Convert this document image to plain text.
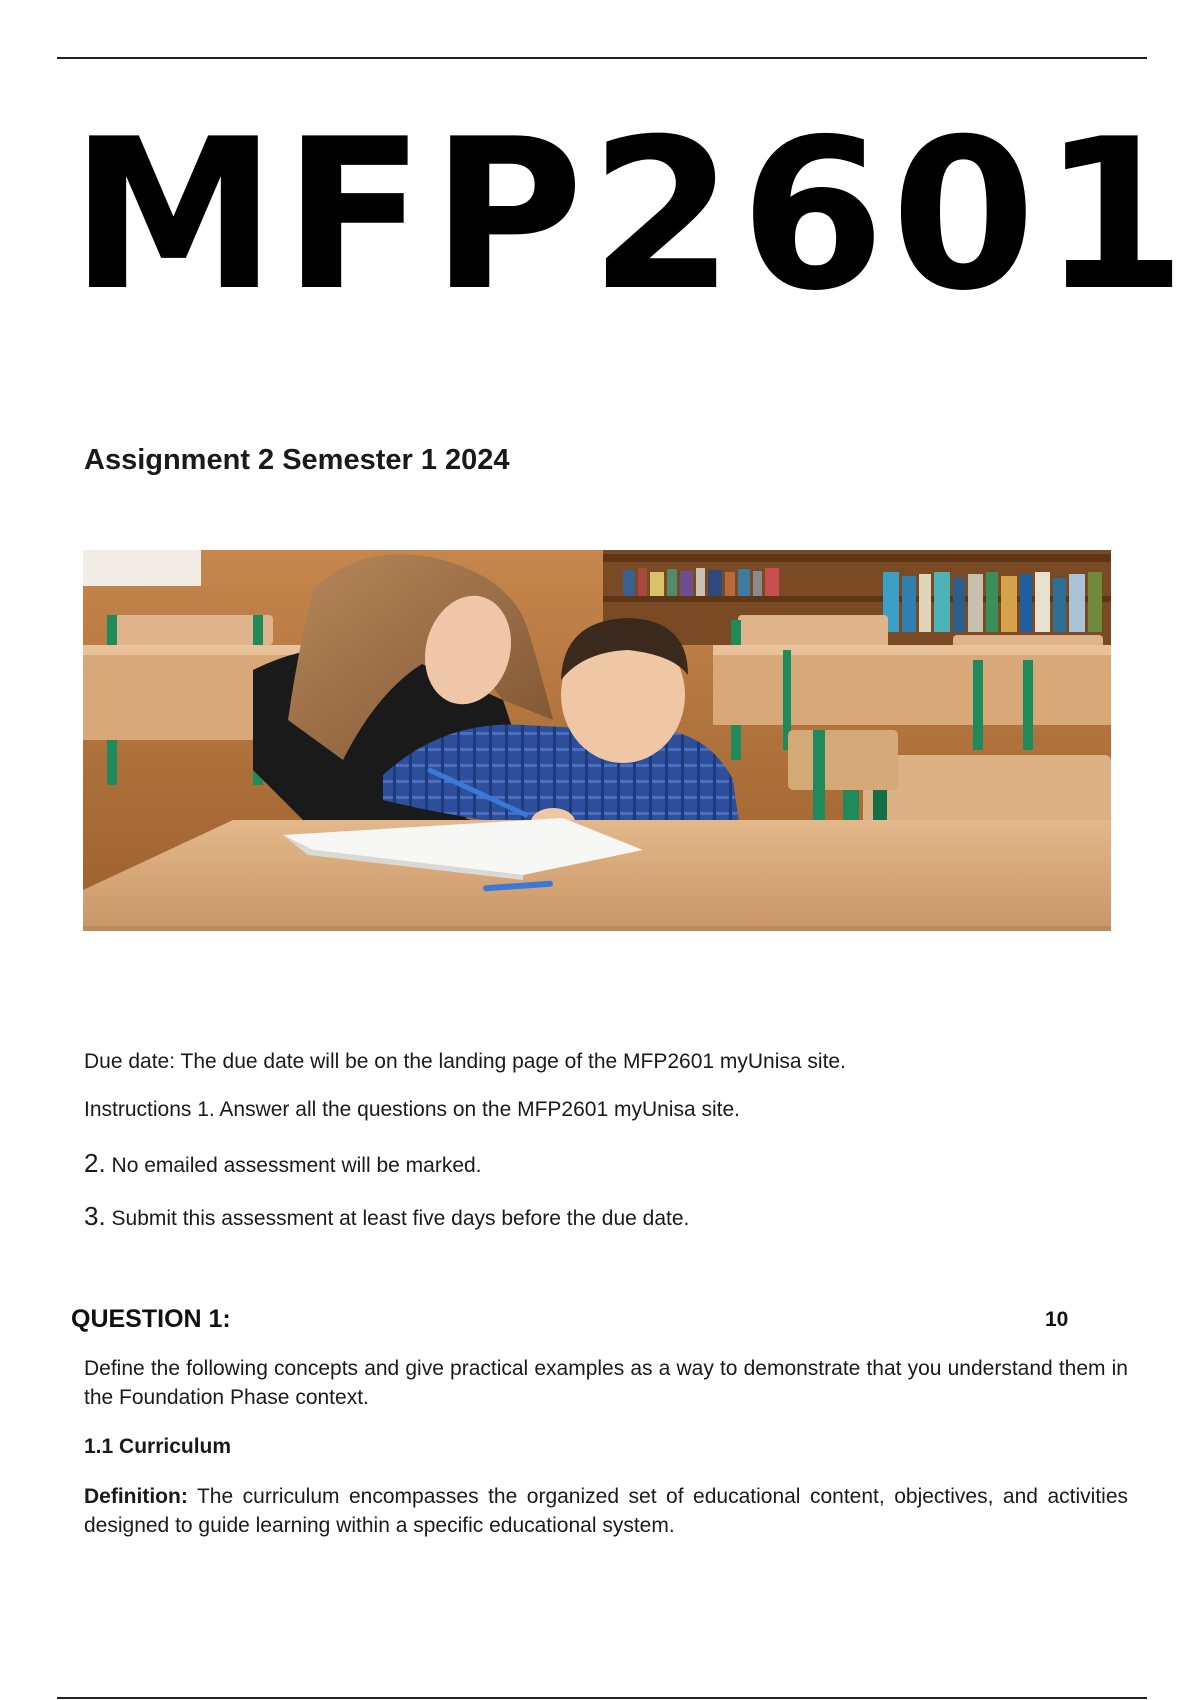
MFP2601
Assignment 2 Semester 1 2024

Due date: The due date will be on the landing page of the MFP2601 myUnisa site.

Instructions 1. Answer all the questions on the MFP2601 myUnisa site.

2. No emailed assessment will be marked.

3. Submit this assessment at least five days before the due date.

QUESTION 1:	10

Define the following concepts and give practical examples as a way to demonstrate that you understand them in the Foundation Phase context.

1.1 Curriculum

Definition: The curriculum encompasses the organized set of educational content, objectives, and activities designed to guide learning within a specific educational system.
